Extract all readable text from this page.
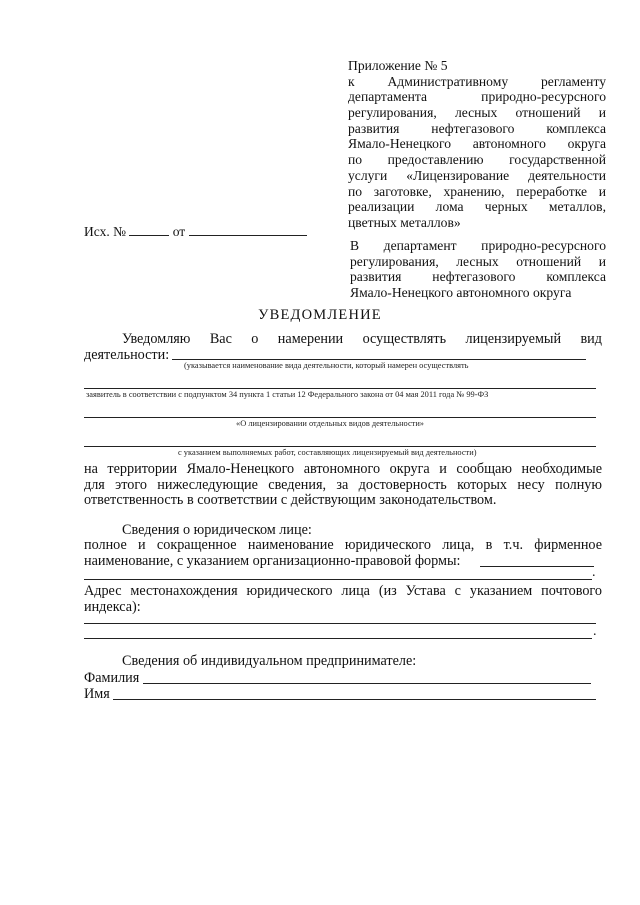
Приложение № 5
к Административному регламенту
департамента природно-ресурсного
регулирования, лесных отношений и
развития нефтегазового комплекса
Ямало-Ненецкого автономного округа
по предоставлению государственной
услуги «Лицензирование деятельности
по заготовке, хранению, переработке и
реализации лома черных металлов,
цветных металлов»
Исх. №	от
В департамент природно-ресурсного
регулирования, лесных отношений и
развития нефтегазового комплекса
Ямало-Ненецкого автономного округа
УВЕДОМЛЕНИЕ
Уведомляю Вас о намерении осуществлять лицензируемый вид
деятельности:
(указывается наименование вида деятельности, который намерен осуществлять
заявитель в соответствии с подпунктом 34 пункта 1 статьи 12 Федерального закона от 04 мая 2011 года № 99-ФЗ
«О лицензировании отдельных видов деятельности»
с указанием выполняемых работ, составляющих лицензируемый вид деятельности)
на территории Ямало-Ненецкого автономного округа и сообщаю необходимые
для этого нижеследующие сведения, за достоверность которых несу полную
ответственность в соответствии с действующим законодательством.
Сведения о юридическом лице:
полное и сокращенное наименование юридического лица, в т.ч. фирменное
наименование, с указанием организационно-правовой формы:
.
Адрес местонахождения юридического лица (из Устава с указанием почтового
индекса):
.
Сведения об индивидуальном предпринимателе:
Фамилия
Имя
